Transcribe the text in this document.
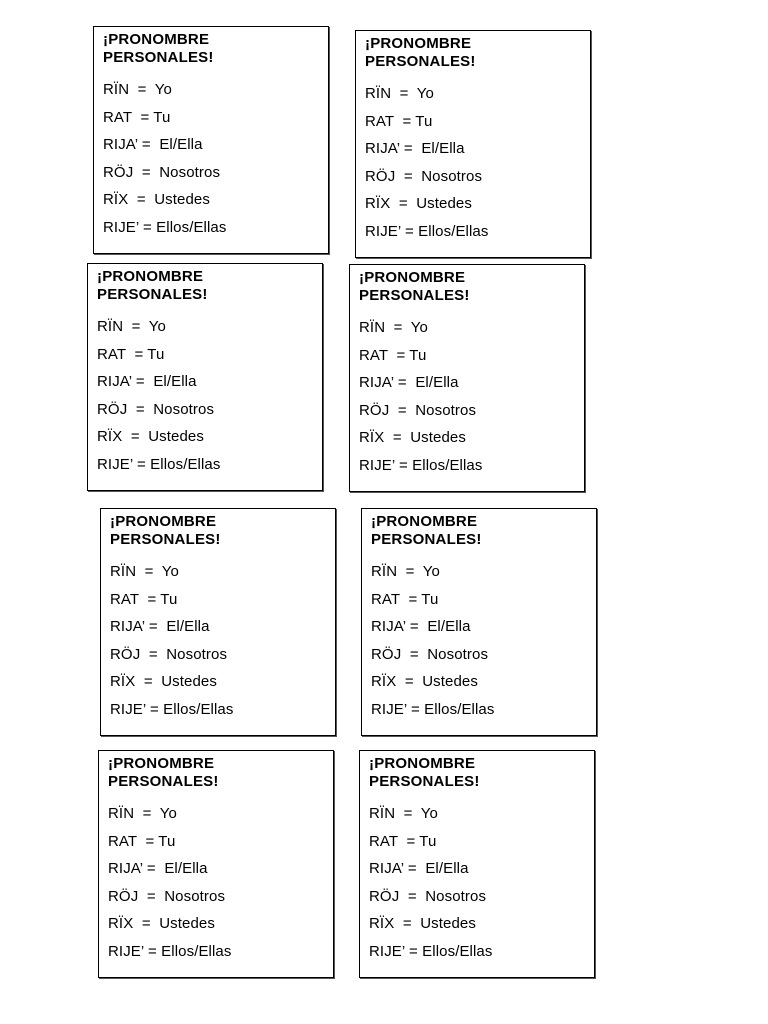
¡PRONOMBRE
PERSONALES!
RÏN  =  Yo
RAT  = Tu
RIJA’ =  El/Ella
RÖJ  =  Nosotros
RÏX  =  Ustedes
RIJE’ = Ellos/Ellas
¡PRONOMBRE
PERSONALES!
RÏN  =  Yo
RAT  = Tu
RIJA’ =  El/Ella
RÖJ  =  Nosotros
RÏX  =  Ustedes
RIJE’ = Ellos/Ellas
¡PRONOMBRE
PERSONALES!
RÏN  =  Yo
RAT  = Tu
RIJA’ =  El/Ella
RÖJ  =  Nosotros
RÏX  =  Ustedes
RIJE’ = Ellos/Ellas
¡PRONOMBRE
PERSONALES!
RÏN  =  Yo
RAT  = Tu
RIJA’ =  El/Ella
RÖJ  =  Nosotros
RÏX  =  Ustedes
RIJE’ = Ellos/Ellas
¡PRONOMBRE
PERSONALES!
RÏN  =  Yo
RAT  = Tu
RIJA’ =  El/Ella
RÖJ  =  Nosotros
RÏX  =  Ustedes
RIJE’ = Ellos/Ellas
¡PRONOMBRE
PERSONALES!
RÏN  =  Yo
RAT  = Tu
RIJA’ =  El/Ella
RÖJ  =  Nosotros
RÏX  =  Ustedes
RIJE’ = Ellos/Ellas
¡PRONOMBRE
PERSONALES!
RÏN  =  Yo
RAT  = Tu
RIJA’ =  El/Ella
RÖJ  =  Nosotros
RÏX  =  Ustedes
RIJE’ = Ellos/Ellas
¡PRONOMBRE
PERSONALES!
RÏN  =  Yo
RAT  = Tu
RIJA’ =  El/Ella
RÖJ  =  Nosotros
RÏX  =  Ustedes
RIJE’ = Ellos/Ellas
